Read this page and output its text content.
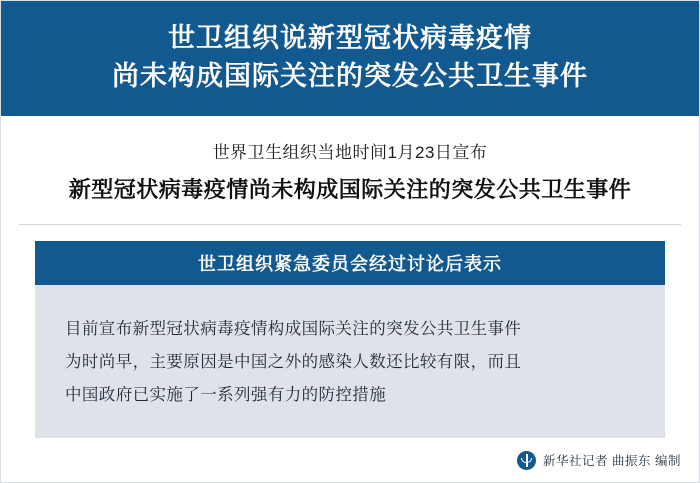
世卫组织说新型冠状病毒疫情
尚未构成国际关注的突发公共卫生事件
世界卫生组织当地时间1月23日宣布
新型冠状病毒疫情尚未构成国际关注的突发公共卫生事件
世卫组织紧急委员会经过讨论后表示

目前宣布新型冠状病毒疫情构成国际关注的突发公共卫生事件

为时尚早，主要原因是中国之外的感染人数还比较有限，而且

中国政府已实施了一系列强有力的防控措施

新华社记者 曲振东 编制
